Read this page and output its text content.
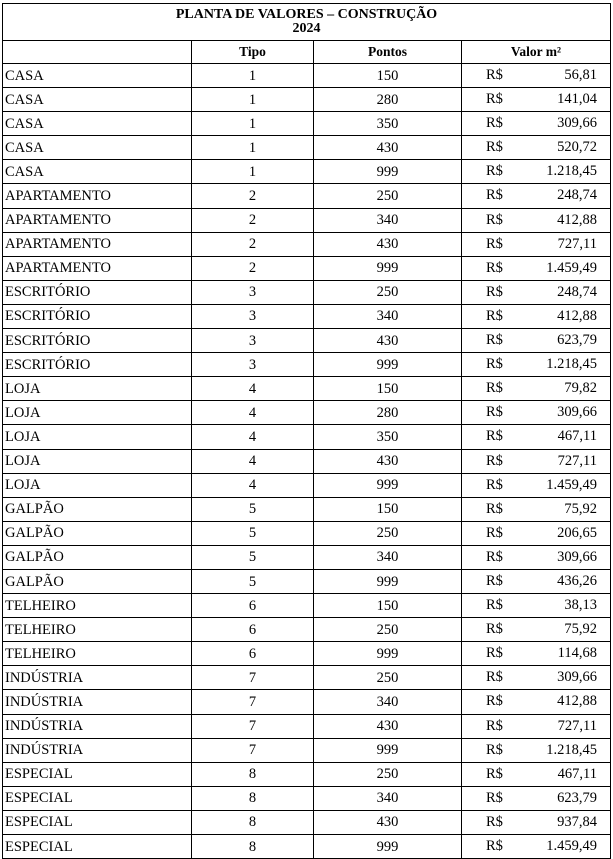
PLANTA DE VALORES – CONSTRUÇÃO
2024			

	Tipo	Pontos	Valor m²
CASA	1	150	R$ 56,81

CASA	1	280	R$ 141,04

CASA	1	350	R$ 309,66

CASA	1	430	R$ 520,72

CASA	1	999	R$ 1.218,45

APARTAMENTO	2	250	R$ 248,74

APARTAMENTO	2	340	R$ 412,88

APARTAMENTO	2	430	R$ 727,11

APARTAMENTO	2	999	R$ 1.459,49

ESCRITÓRIO	3	250	R$ 248,74

ESCRITÓRIO	3	340	R$ 412,88

ESCRITÓRIO	3	430	R$ 623,79

ESCRITÓRIO	3	999	R$ 1.218,45

LOJA	4	150	R$ 79,82

LOJA	4	280	R$ 309,66

LOJA	4	350	R$ 467,11

LOJA	4	430	R$ 727,11

LOJA	4	999	R$ 1.459,49

GALPÃO	5	150	R$ 75,92

GALPÃO	5	250	R$ 206,65

GALPÃO	5	340	R$ 309,66

GALPÃO	5	999	R$ 436,26

TELHEIRO	6	150	R$ 38,13

TELHEIRO	6	250	R$ 75,92

TELHEIRO	6	999	R$ 114,68

INDÚSTRIA	7	250	R$ 309,66

INDÚSTRIA	7	340	R$ 412,88

INDÚSTRIA	7	430	R$ 727,11

INDÚSTRIA	7	999	R$ 1.218,45

ESPECIAL	8	250	R$ 467,11

ESPECIAL	8	340	R$ 623,79

ESPECIAL	8	430	R$ 937,84

ESPECIAL	8	999	R$ 1.459,49
